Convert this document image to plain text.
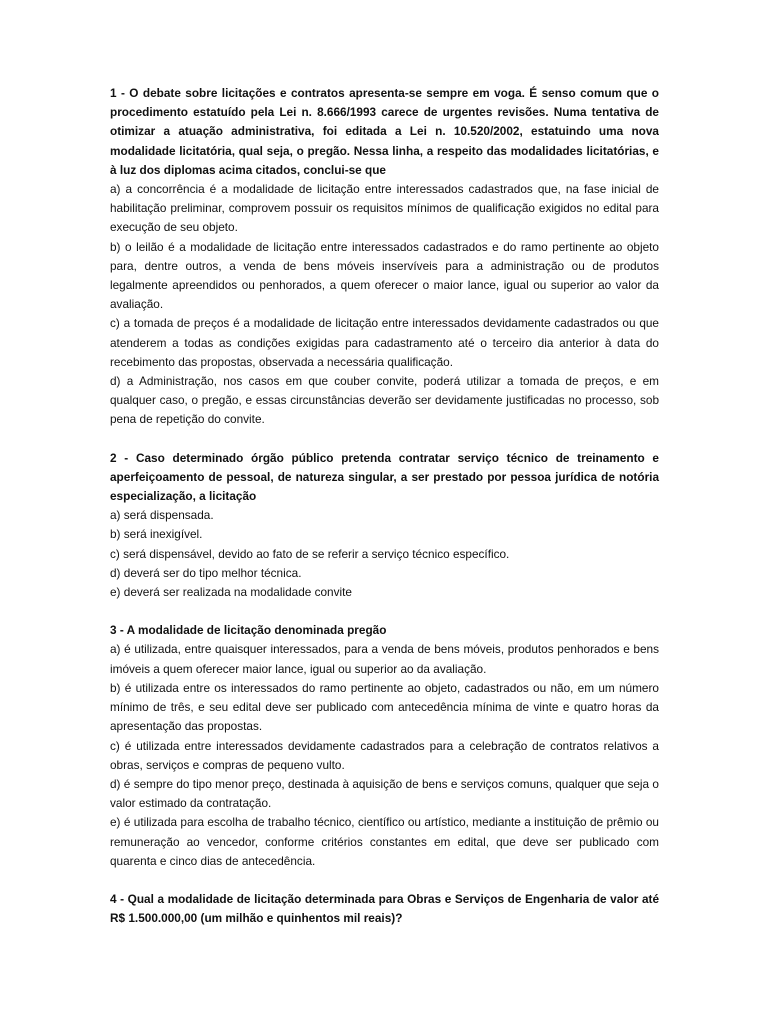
1 - O debate sobre licitações e contratos apresenta-se sempre em voga. É senso comum que o procedimento estatuído pela Lei n. 8.666/1993 carece de urgentes revisões. Numa tentativa de otimizar a atuação administrativa, foi editada a Lei n. 10.520/2002, estatuindo uma nova modalidade licitatória, qual seja, o pregão. Nessa linha, a respeito das modalidades licitatórias, e à luz dos diplomas acima citados, conclui-se que

a) a concorrência é a modalidade de licitação entre interessados cadastrados que, na fase inicial de habilitação preliminar, comprovem possuir os requisitos mínimos de qualificação exigidos no edital para execução de seu objeto.

b) o leilão é a modalidade de licitação entre interessados cadastrados e do ramo pertinente ao objeto para, dentre outros, a venda de bens móveis inservíveis para a administração ou de produtos legalmente apreendidos ou penhorados, a quem oferecer o maior lance, igual ou superior ao valor da avaliação.

c) a tomada de preços é a modalidade de licitação entre interessados devidamente cadastrados ou que atenderem a todas as condições exigidas para cadastramento até o terceiro dia anterior à data do recebimento das propostas, observada a necessária qualificação.

d) a Administração, nos casos em que couber convite, poderá utilizar a tomada de preços, e em qualquer caso, o pregão, e essas circunstâncias deverão ser devidamente justificadas no processo, sob pena de repetição do convite.

2 - Caso determinado órgão público pretenda contratar serviço técnico de treinamento e aperfeiçoamento de pessoal, de natureza singular, a ser prestado por pessoa jurídica de notória especialização, a licitação

a) será dispensada.

b) será inexigível.

c) será dispensável, devido ao fato de se referir a serviço técnico específico.

d) deverá ser do tipo melhor técnica.

e) deverá ser realizada na modalidade convite

3 - A modalidade de licitação denominada pregão

a) é utilizada, entre quaisquer interessados, para a venda de bens móveis, produtos penhorados e bens imóveis a quem oferecer maior lance, igual ou superior ao da avaliação.

b) é utilizada entre os interessados do ramo pertinente ao objeto, cadastrados ou não, em um número mínimo de três, e seu edital deve ser publicado com antecedência mínima de vinte e quatro horas da apresentação das propostas.

c) é utilizada entre interessados devidamente cadastrados para a celebração de contratos relativos a obras, serviços e compras de pequeno vulto.

d) é sempre do tipo menor preço, destinada à aquisição de bens e serviços comuns, qualquer que seja o valor estimado da contratação.

e) é utilizada para escolha de trabalho técnico, científico ou artístico, mediante a instituição de prêmio ou remuneração ao vencedor, conforme critérios constantes em edital, que deve ser publicado com quarenta e cinco dias de antecedência.

4 - Qual a modalidade de licitação determinada para Obras e Serviços de Engenharia de valor até R$ 1.500.000,00 (um milhão e quinhentos mil reais)?
